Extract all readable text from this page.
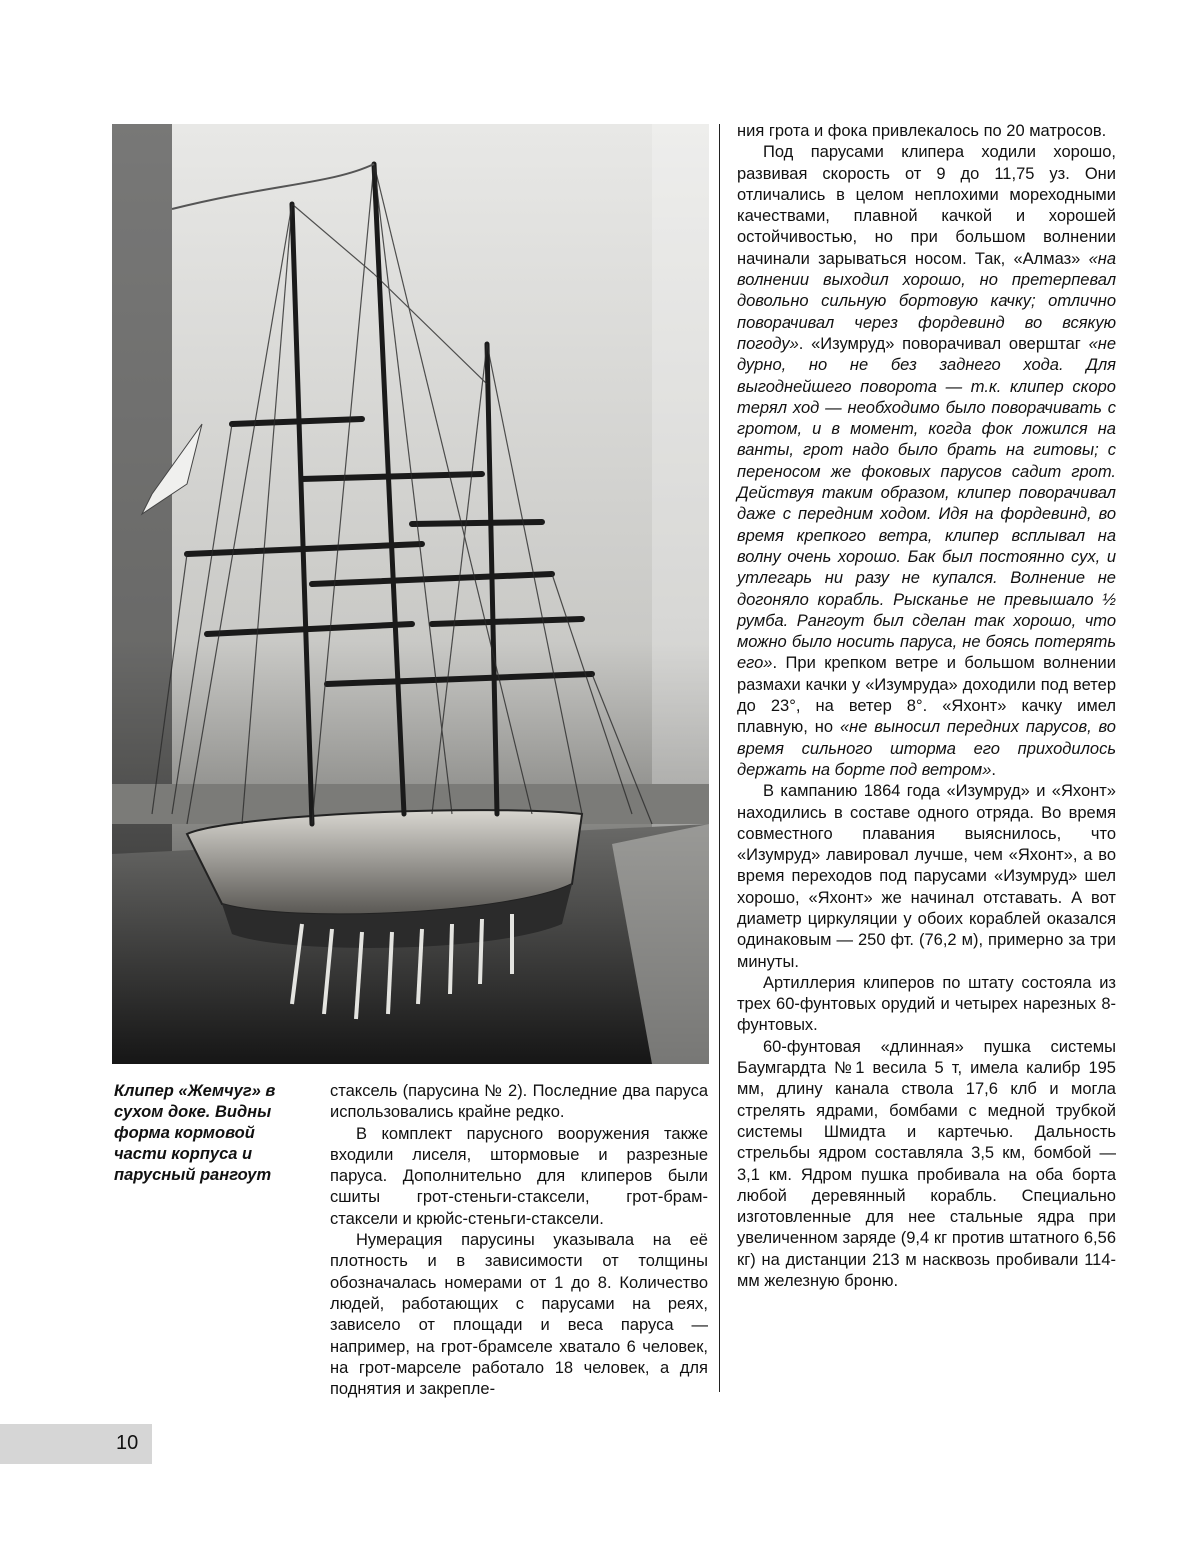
Клипер «Жемчуг» в сухом доке. Видны форма кормовой части корпуса и парусный рангоут

стаксель (парусина № 2). Последние два паруса использовались крайне редко.

В комплект парусного вооружения также входили лиселя, штормовые и разрезные паруса. Дополнительно для клиперов были сшиты грот-стеньги-стаксели, грот-брам-стаксели и крюйс-стеньги-стаксели.

Нумерация парусины указывала на её плотность и в зависимости от толщины обозначалась номерами от 1 до 8. Количество людей, работающих с парусами на реях, зависело от площади и веса паруса — например, на грот-брамселе хватало 6 человек, на грот-марселе работало 18 человек, а для поднятия и закрепле-

ния грота и фока привлекалось по 20 матросов.

Под парусами клипера ходили хорошо, развивая скорость от 9 до 11,75 уз. Они отличались в целом неплохими мореходными качествами, плавной качкой и хорошей остойчивостью, но при большом волнении начинали зарываться носом. Так, «Алмаз» «на волнении выходил хорошо, но претерпевал довольно сильную бортовую качку; отлично поворачивал через фордевинд во всякую погоду». «Изумруд» поворачивал оверштаг «не дурно, но не без заднего хода. Для выгоднейшего поворота — т.к. клипер скоро терял ход — необходимо было поворачивать с гротом, и в момент, когда фок ложился на ванты, грот надо было брать на гитовы; с переносом же фоковых парусов садит грот. Действуя таким образом, клипер поворачивал даже с передним ходом. Идя на фордевинд, во время крепкого ветра, клипер всплывал на волну очень хорошо. Бак был постоянно сух, и утлегарь ни разу не купался. Волнение не догоняло корабль. Рысканье не превышало ½ румба. Рангоут был сделан так хорошо, что можно было носить паруса, не боясь потерять его». При крепком ветре и большом волнении размахи качки у «Изумруда» доходили под ветер до 23°, на ветер 8°. «Яхонт» качку имел плавную, но «не выносил передних парусов, во время сильного шторма его приходилось держать на борте под ветром».

В кампанию 1864 года «Изумруд» и «Яхонт» находились в составе одного отряда. Во время совместного плавания выяснилось, что «Изумруд» лавировал лучше, чем «Яхонт», а во время переходов под парусами «Изумруд» шел хорошо, «Яхонт» же начинал отставать. А вот диаметр циркуляции у обоих кораблей оказался одинаковым — 250 фт. (76,2 м), примерно за три минуты.

Артиллерия клиперов по штату состояла из трех 60-фунтовых орудий и четырех нарезных 8-фунтовых.

60-фунтовая «длинная» пушка системы Баумгардта №1 весила 5 т, имела калибр 195 мм, длину канала ствола 17,6 клб и могла стрелять ядрами, бомбами с медной трубкой системы Шмидта и картечью. Дальность стрельбы ядром составляла 3,5 км, бомбой — 3,1 км. Ядром пушка пробивала на оба борта любой деревянный корабль. Специально изготовленные для нее стальные ядра при увеличенном заряде (9,4 кг против штатного 6,56 кг) на дистанции 213 м насквозь пробивали 114-мм железную броню.

10
